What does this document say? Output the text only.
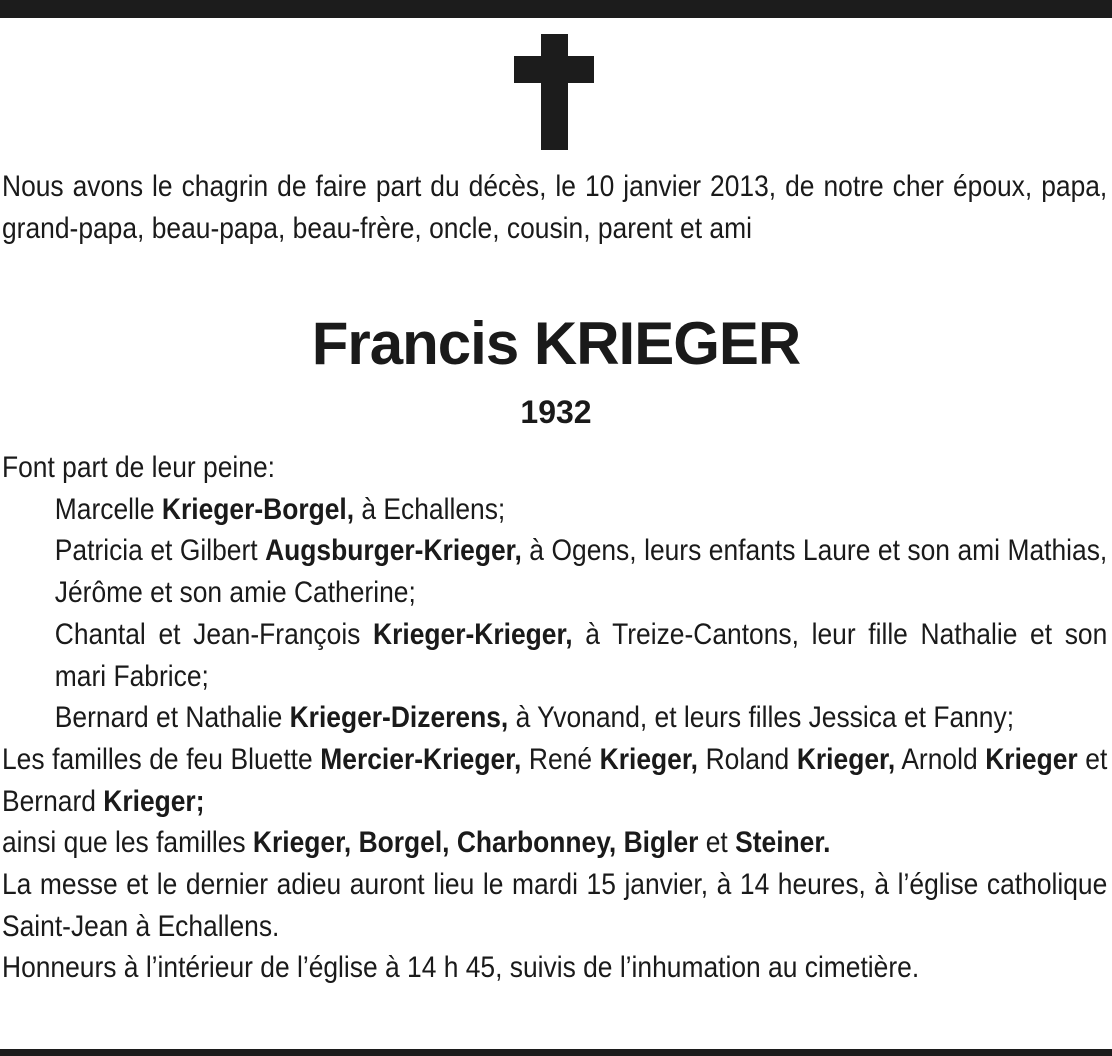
Nous avons le chagrin de faire part du décès, le 10 janvier 2013, de notre cher époux, papa, grand-papa, beau-papa, beau-frère, oncle, cousin, parent et ami
Francis KRIEGER
1932

Font part de leur peine:

Marcelle Krieger-Borgel, à Echallens;

Patricia et Gilbert Augsburger-Krieger, à Ogens, leurs enfants Laure et son ami Mathias, Jérôme et son amie Catherine;

Chantal et Jean-François Krieger-Krieger, à Treize-Cantons, leur fille Nathalie et son mari Fabrice;

Bernard et Nathalie Krieger-Dizerens, à Yvonand, et leurs filles Jessica et Fanny;

Les familles de feu Bluette Mercier-Krieger, René Krieger, Roland Krieger, Arnold Krieger et Bernard Krieger;

ainsi que les familles Krieger, Borgel, Charbonney, Bigler et Steiner.

La messe et le dernier adieu auront lieu le mardi 15 janvier, à 14 heures, à l’église catholique Saint-Jean à Echallens.

Honneurs à l’intérieur de l’église à 14 h 45, suivis de l’inhumation au cimetière.
